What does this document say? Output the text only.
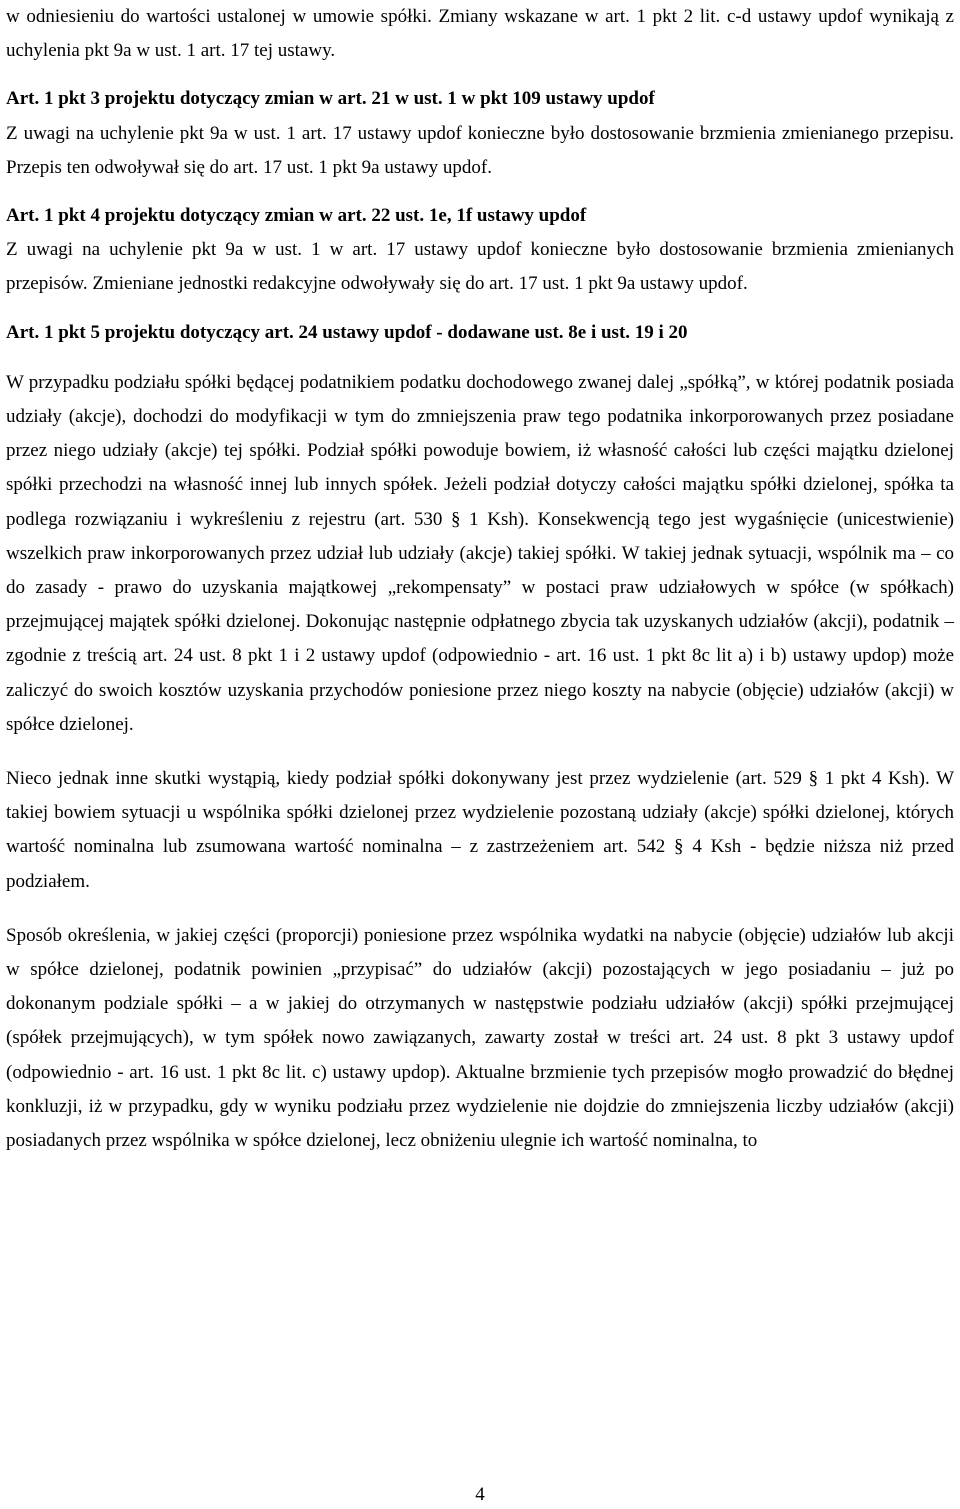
w odniesieniu do wartości ustalonej w umowie spółki. Zmiany wskazane w art. 1 pkt 2 lit. c-d ustawy updof wynikają z uchylenia pkt 9a w ust. 1 art. 17 tej ustawy.

Art. 1 pkt 3 projektu dotyczący zmian w art. 21 w ust. 1 w pkt 109 ustawy updof

Z uwagi na uchylenie pkt 9a w ust. 1 art. 17 ustawy updof konieczne było dostosowanie brzmienia zmienianego przepisu. Przepis ten odwoływał się do art. 17 ust. 1 pkt 9a ustawy updof.

Art. 1 pkt 4 projektu dotyczący zmian w art. 22 ust. 1e, 1f ustawy updof

Z uwagi na uchylenie pkt 9a w ust. 1 w art. 17 ustawy updof konieczne było dostosowanie brzmienia zmienianych przepisów. Zmieniane jednostki redakcyjne odwoływały się do art. 17 ust. 1 pkt 9a ustawy updof.

Art. 1 pkt 5 projektu dotyczący art. 24 ustawy updof - dodawane ust. 8e i ust. 19 i 20

W przypadku podziału spółki będącej podatnikiem podatku dochodowego zwanej dalej „spółką”, w której podatnik posiada udziały (akcje), dochodzi do modyfikacji w tym do zmniejszenia praw tego podatnika inkorporowanych przez posiadane przez niego udziały (akcje) tej spółki. Podział spółki powoduje bowiem, iż własność całości lub części majątku dzielonej spółki przechodzi na własność innej lub innych spółek. Jeżeli podział dotyczy całości majątku spółki dzielonej, spółka ta podlega rozwiązaniu i wykreśleniu z rejestru (art. 530 § 1 Ksh). Konsekwencją tego jest wygaśnięcie (unicestwienie) wszelkich praw inkorporowanych przez udział lub udziały (akcje) takiej spółki. W takiej jednak sytuacji, wspólnik ma – co do zasady - prawo do uzyskania majątkowej „rekompensaty” w postaci praw udziałowych w spółce (w spółkach) przejmującej majątek spółki dzielonej. Dokonując następnie odpłatnego zbycia tak uzyskanych udziałów (akcji), podatnik – zgodnie z treścią art. 24 ust. 8 pkt 1 i 2 ustawy updof (odpowiednio - art. 16 ust. 1 pkt 8c lit a) i b) ustawy updop) może zaliczyć do swoich kosztów uzyskania przychodów poniesione przez niego koszty na nabycie (objęcie) udziałów (akcji) w spółce dzielonej.

Nieco jednak inne skutki wystąpią, kiedy podział spółki dokonywany jest przez wydzielenie (art. 529 § 1 pkt 4 Ksh). W takiej bowiem sytuacji u wspólnika spółki dzielonej przez wydzielenie pozostaną udziały (akcje) spółki dzielonej, których wartość nominalna lub zsumowana wartość nominalna – z zastrzeżeniem art. 542 § 4 Ksh - będzie niższa niż przed podziałem.

Sposób określenia, w jakiej części (proporcji) poniesione przez wspólnika wydatki na nabycie (objęcie) udziałów lub akcji w spółce dzielonej, podatnik powinien „przypisać” do udziałów (akcji) pozostających w jego posiadaniu – już po dokonanym podziale spółki – a w jakiej do otrzymanych w następstwie podziału udziałów (akcji) spółki przejmującej (spółek przejmujących), w tym spółek nowo zawiązanych, zawarty został w treści art. 24 ust. 8 pkt 3 ustawy updof (odpowiednio - art. 16 ust. 1 pkt 8c lit. c) ustawy updop). Aktualne brzmienie tych przepisów mogło prowadzić do błędnej konkluzji, iż w przypadku, gdy w wyniku podziału przez wydzielenie nie dojdzie do zmniejszenia liczby udziałów (akcji) posiadanych przez wspólnika w spółce dzielonej, lecz obniżeniu ulegnie ich wartość nominalna, to

4
